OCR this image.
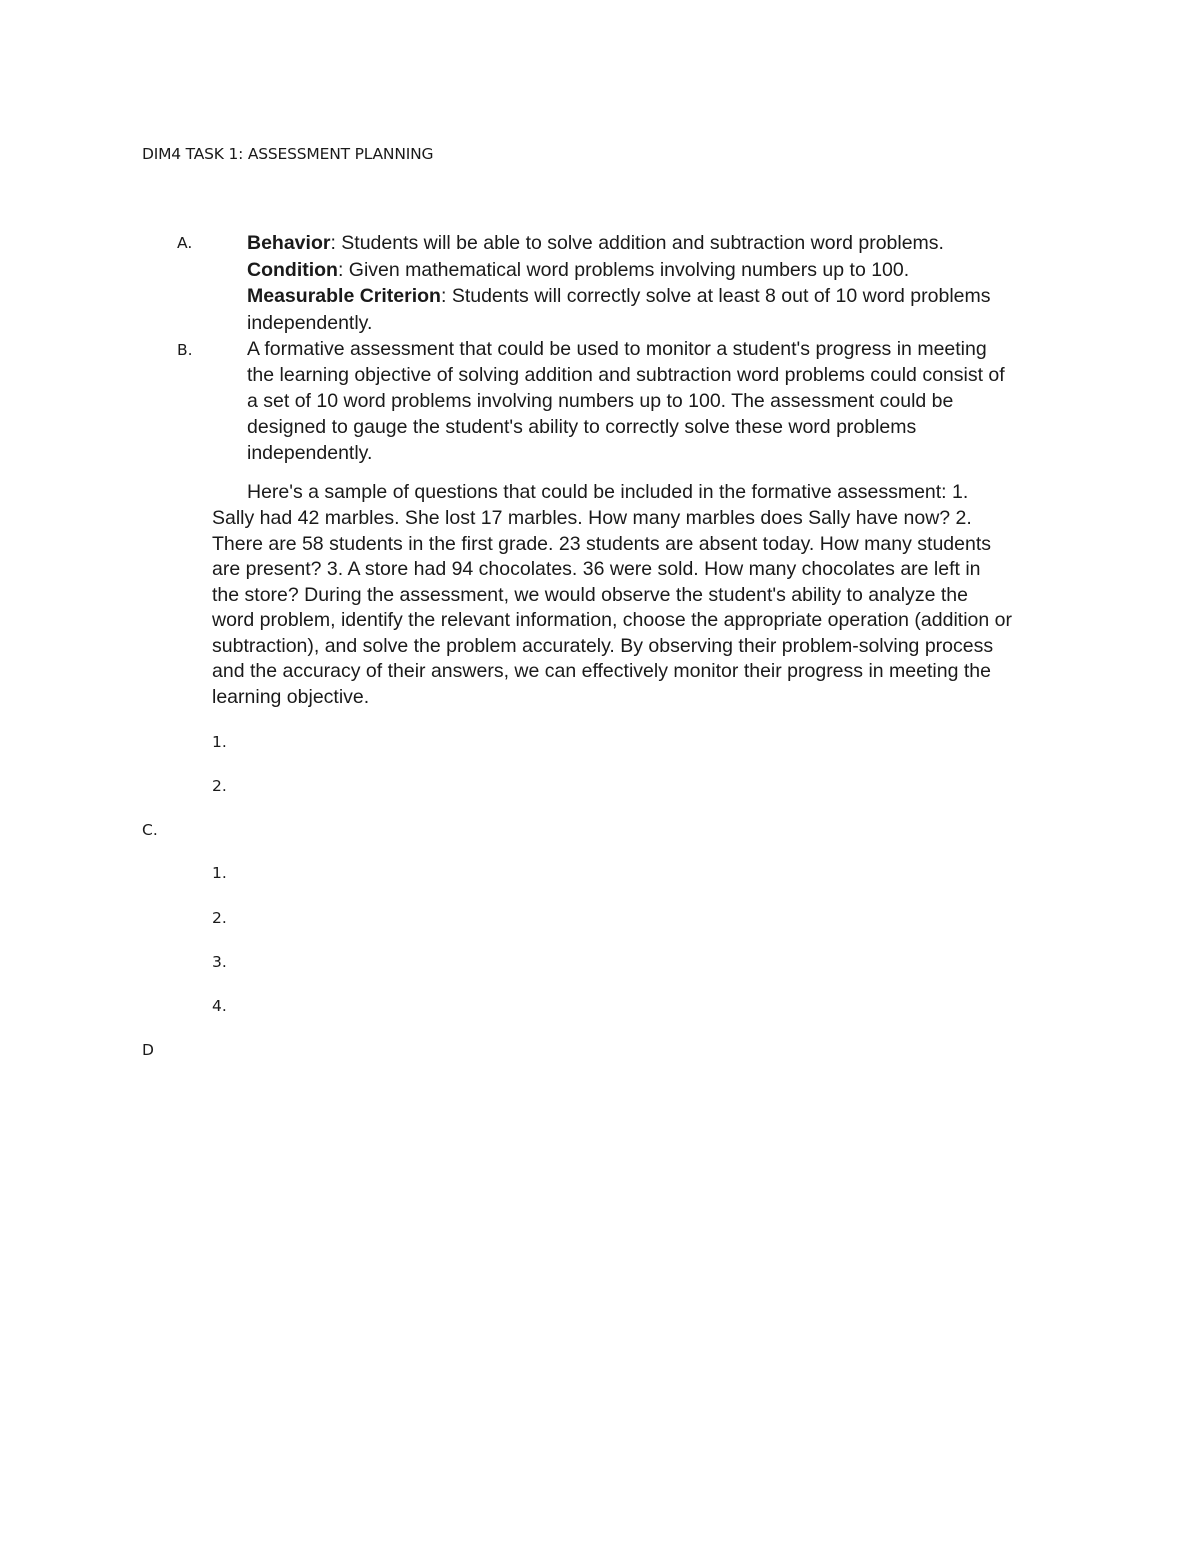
DIM4 TASK 1: ASSESSMENT PLANNING
A.	Behavior: Students will be able to solve addition and subtraction word problems.
Condition: Given mathematical word problems involving numbers up to 100.
Measurable Criterion: Students will correctly solve at least 8 out of 10 word problems
independently.
B.	A formative assessment that could be used to monitor a student's progress in meeting
the learning objective of solving addition and subtraction word problems could consist of
a set of 10 word problems involving numbers up to 100. The assessment could be
designed to gauge the student's ability to correctly solve these word problems
independently.
Here's a sample of questions that could be included in the formative assessment: 1.
Sally had 42 marbles. She lost 17 marbles. How many marbles does Sally have now? 2.
There are 58 students in the first grade. 23 students are absent today. How many students
are present? 3. A store had 94 chocolates. 36 were sold. How many chocolates are left in
the store? During the assessment, we would observe the student's ability to analyze the
word problem, identify the relevant information, choose the appropriate operation (addition or
subtraction), and solve the problem accurately. By observing their problem-solving process
and the accuracy of their answers, we can effectively monitor their progress in meeting the
learning objective.
1.
2.
C.
1.
2.
3.
4.
D
